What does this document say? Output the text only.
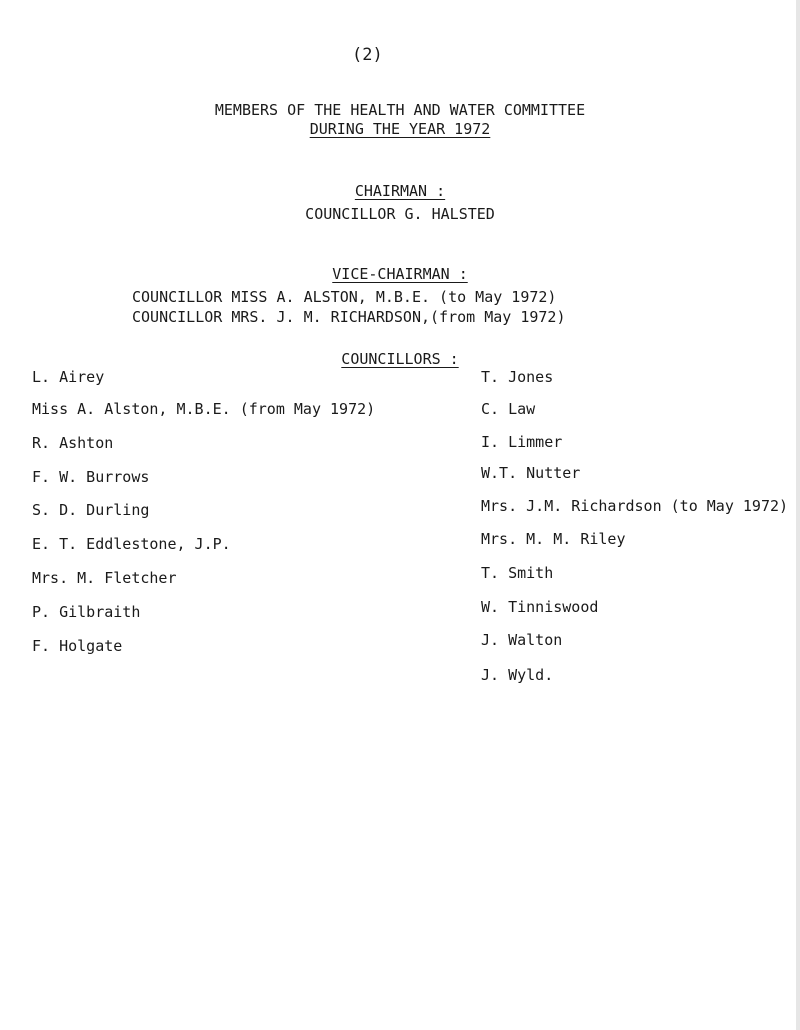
(2)
MEMBERS OF THE HEALTH AND WATER COMMITTEE
DURING THE YEAR 1972
CHAIRMAN :
COUNCILLOR G. HALSTED
VICE-CHAIRMAN :
COUNCILLOR MISS A. ALSTON, M.B.E. (to May 1972)
COUNCILLOR MRS. J. M. RICHARDSON,(from May 1972)
COUNCILLORS :
L. Airey
Miss A. Alston, M.B.E. (from May 1972)
R. Ashton
F. W. Burrows
S. D. Durling
E. T. Eddlestone, J.P.
Mrs. M. Fletcher
P. Gilbraith
F. Holgate
T. Jones
C. Law
I. Limmer
W.T. Nutter
Mrs. J.M. Richardson (to May 1972)
Mrs. M. M. Riley
T. Smith
W. Tinniswood
J. Walton
J. Wyld.
